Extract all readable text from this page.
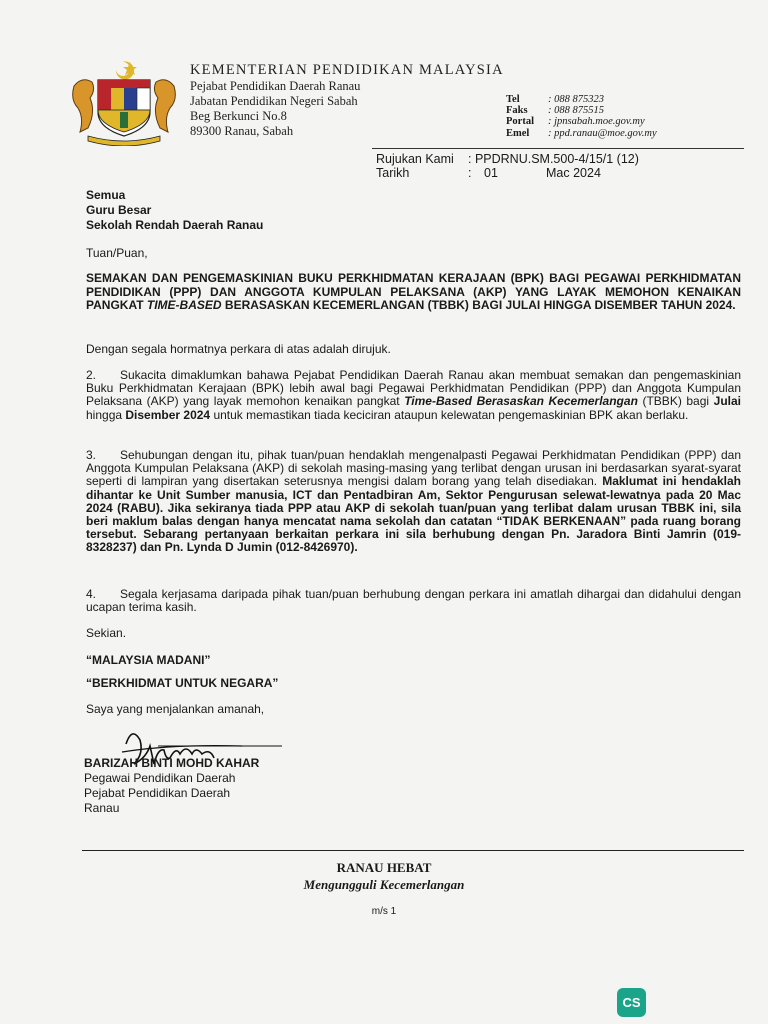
KEMENTERIAN PENDIDIKAN MALAYSIA
Pejabat Pendidikan Daerah Ranau
Jabatan Pendidikan Negeri Sabah
Beg Berkunci No.8
89300 Ranau, Sabah
Tel	: 088 875323
Faks	: 088 875515
Portal	: jpnsabah.moe.gov.my
Emel	: ppd.ranau@moe.gov.my
Rujukan Kami	: PPDRNU.SM.500-4/15/1 (12)
Tarikh	:	01	Mac 2024
Semua
Guru Besar
Sekolah Rendah Daerah Ranau
Tuan/Puan,
SEMAKAN DAN PENGEMASKINIAN BUKU PERKHIDMATAN KERAJAAN (BPK) BAGI PEGAWAI PERKHIDMATAN PENDIDIKAN (PPP) DAN ANGGOTA KUMPULAN PELAKSANA (AKP) YANG LAYAK MEMOHON KENAIKAN PANGKAT TIME-BASED BERASASKAN KECEMERLANGAN (TBBK) BAGI JULAI HINGGA DISEMBER TAHUN 2024.
Dengan segala hormatnya perkara di atas adalah dirujuk.
2. Sukacita dimaklumkan bahawa Pejabat Pendidikan Daerah Ranau akan membuat semakan dan pengemaskinian Buku Perkhidmatan Kerajaan (BPK) lebih awal bagi Pegawai Perkhidmatan Pendidikan (PPP) dan Anggota Kumpulan Pelaksana (AKP) yang layak memohon kenaikan pangkat Time-Based Berasaskan Kecemerlangan (TBBK) bagi Julai hingga Disember 2024 untuk memastikan tiada keciciran ataupun kelewatan pengemaskinian BPK akan berlaku.
3. Sehubungan dengan itu, pihak tuan/puan hendaklah mengenalpasti Pegawai Perkhidmatan Pendidikan (PPP) dan Anggota Kumpulan Pelaksana (AKP) di sekolah masing-masing yang terlibat dengan urusan ini berdasarkan syarat-syarat seperti di lampiran yang disertakan seterusnya mengisi dalam borang yang telah disediakan. Maklumat ini hendaklah dihantar ke Unit Sumber manusia, ICT dan Pentadbiran Am, Sektor Pengurusan selewat-lewatnya pada 20 Mac 2024 (RABU). Jika sekiranya tiada PPP atau AKP di sekolah tuan/puan yang terlibat dalam urusan TBBK ini, sila beri maklum balas dengan hanya mencatat nama sekolah dan catatan “TIDAK BERKENAAN” pada ruang borang tersebut. Sebarang pertanyaan berkaitan perkara ini sila berhubung dengan Pn. Jaradora Binti Jamrin (019-8328237) dan Pn. Lynda D Jumin (012-8426970).
4. Segala kerjasama daripada pihak tuan/puan berhubung dengan perkara ini amatlah dihargai dan didahului dengan ucapan terima kasih.
Sekian.
“MALAYSIA MADANI”
“BERKHIDMAT UNTUK NEGARA”
Saya yang menjalankan amanah,
BARIZAH BINTI MOHD KAHAR
Pegawai Pendidikan Daerah
Pejabat Pendidikan Daerah
Ranau
RANAU HEBAT
Mengungguli Kecemerlangan
m/s 1
CS
